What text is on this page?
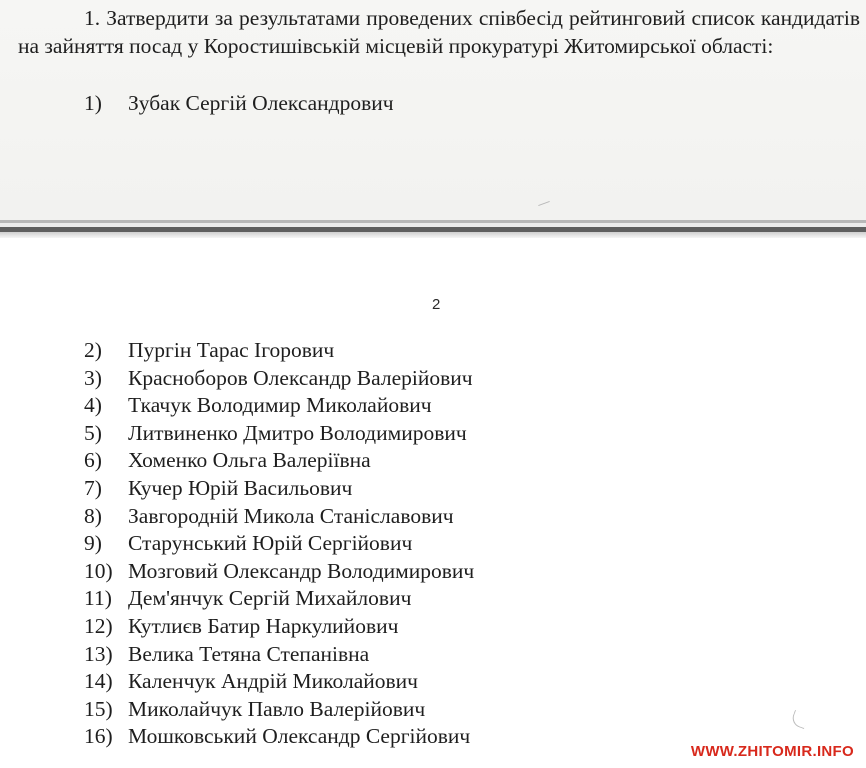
1. Затвердити за результатами проведених співбесід рейтинговий список кандидатів на зайняття посад у Коростишівській місцевій прокуратурі Житомирської області:
1) Зубак Сергій Олександрович
2
2) Пургін Тарас Ігорович
3) Красноборов Олександр Валерійович
4) Ткачук Володимир Миколайович
5) Литвиненко Дмитро Володимирович
6) Хоменко Ольга Валеріївна
7) Кучер Юрій Васильович
8) Завгородній Микола Станіславович
9) Старунський Юрій Сергійович
10) Мозговий Олександр Володимирович
11) Дем'янчук Сергій Михайлович
12) Кутлиєв Батир Наркулийович
13) Велика Тетяна Степанівна
14) Каленчук Андрій Миколайович
15) Миколайчук Павло Валерійович
16) Мошковський Олександр Сергійович
WWW.ZHITOMIR.INFO
